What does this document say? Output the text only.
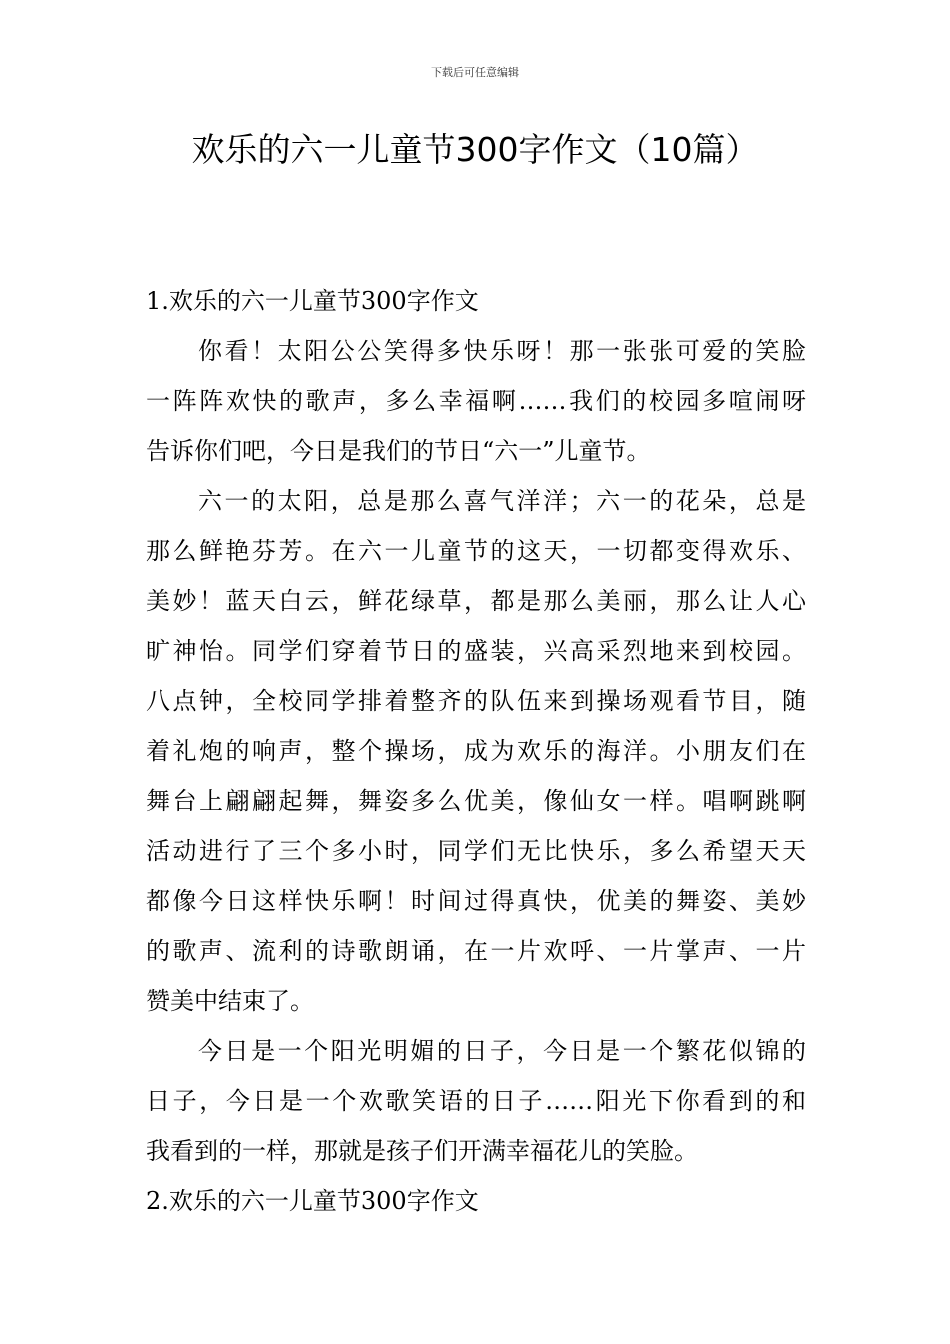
下载后可任意编辑
欢乐的六一儿童节300字作文（10篇）
1.欢乐的六一儿童节300字作文
你看！太阳公公笑得多快乐呀！那一张张可爱的笑脸
一阵阵欢快的歌声，多么幸福啊……我们的校园多喧闹呀
告诉你们吧，今日是我们的节日“六一”儿童节。
六一的太阳，总是那么喜气洋洋；六一的花朵，总是
那么鲜艳芬芳。在六一儿童节的这天，一切都变得欢乐、
美妙！蓝天白云，鲜花绿草，都是那么美丽，那么让人心
旷神怡。同学们穿着节日的盛装，兴高采烈地来到校园。
八点钟，全校同学排着整齐的队伍来到操场观看节目，随
着礼炮的响声，整个操场，成为欢乐的海洋。小朋友们在
舞台上翩翩起舞，舞姿多么优美，像仙女一样。唱啊跳啊
活动进行了三个多小时，同学们无比快乐，多么希望天天
都像今日这样快乐啊！时间过得真快，优美的舞姿、美妙
的歌声、流利的诗歌朗诵，在一片欢呼、一片掌声、一片
赞美中结束了。
今日是一个阳光明媚的日子，今日是一个繁花似锦的
日子，今日是一个欢歌笑语的日子……阳光下你看到的和
我看到的一样，那就是孩子们开满幸福花儿的笑脸。
2.欢乐的六一儿童节300字作文
